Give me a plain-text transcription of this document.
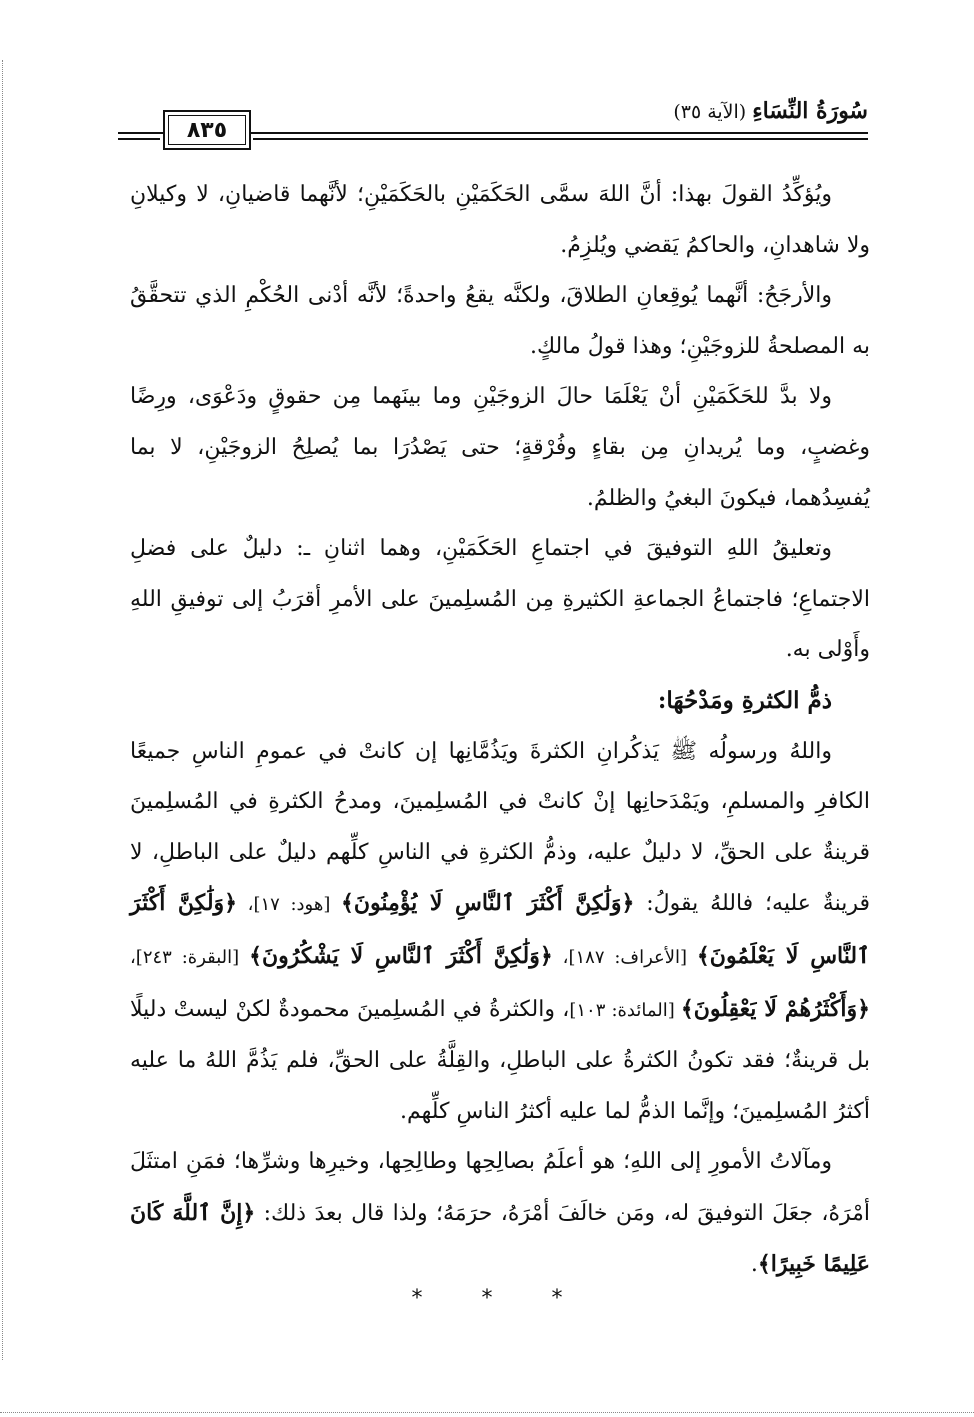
٨٣٥
سُورَةُ النِّسَاءِ (الآية ٣٥)

ويُؤكِّدُ القولَ بهذا: أنَّ اللهَ سمَّى الحَكَمَيْنِ بالحَكَمَيْنِ؛ لأنَّهما قاضيانِ، لا وكيلانِ ولا شاهدانِ، والحاكمُ يَقضي ويُلزِمُ.

والأرجَحُ: أنَّهما يُوقِعانِ الطلاقَ، ولكنَّه يقعُ واحدةً؛ لأنَّه أدْنى الحُكْمِ الذي تتحقَّقُ به المصلحةُ للزوجَيْنِ؛ وهذا قولُ مالكٍ.

ولا بدَّ للحَكَمَيْنِ أنْ يَعْلَمَا حالَ الزوجَيْنِ وما بينَهما مِن حقوقٍ ودَعْوَى، ورِضًا وغضبٍ، وما يُريدانِ مِن بقاءٍ وفُرْقةٍ؛ حتى يَصْدُرَا بما يُصلِحُ الزوجَيْنِ، لا بما يُفسِدُهما، فيكونَ البغيُ والظلمُ.

وتعليقُ اللهِ التوفيقَ في اجتماعِ الحَكَمَيْنِ، وهما اثنانِ ـ: دليلٌ على فضلِ الاجتماعِ؛ فاجتماعُ الجماعةِ الكثيرةِ مِن المُسلِمينَ على الأمرِ أقرَبُ إلى توفيقِ اللهِ وأَوْلى به.

ذمُّ الكثرةِ ومَدْحُهَا:

واللهُ ورسولُه ﷺ يَذكُرانِ الكثرةَ ويَذُمَّانِها إن كانتْ في عمومِ الناسِ جميعًا الكافرِ والمسلمِ، ويَمْدَحانِها إنْ كانتْ في المُسلِمينَ، ومدحُ الكثرةِ في المُسلِمينَ قرينةٌ على الحقِّ، لا دليلٌ عليه، وذمُّ الكثرةِ في الناسِ كلِّهم دليلٌ على الباطلِ، لا قرينةٌ عليه؛ فاللهُ يقولُ: ﴿وَلَٰكِنَّ أَكْثَرَ ٱلنَّاسِ لَا يُؤْمِنُونَ﴾ [هود: ١٧]، ﴿وَلَٰكِنَّ أَكْثَرَ ٱلنَّاسِ لَا يَعْلَمُونَ﴾ [الأعراف: ١٨٧]، ﴿وَلَٰكِنَّ أَكْثَرَ ٱلنَّاسِ لَا يَشْكُرُونَ﴾ [البقرة: ٢٤٣]، ﴿وَأَكْثَرُهُمْ لَا يَعْقِلُونَ﴾ [المائدة: ١٠٣]، والكثرةُ في المُسلِمينَ محمودةٌ لكنْ ليستْ دليلًا بل قرينةٌ؛ فقد تكونُ الكثرةُ على الباطلِ، والقِلَّةُ على الحقِّ، فلم يَذُمَّ اللهُ ما عليه أكثرُ المُسلِمينَ؛ وإنَّما الذمُّ لما عليه أكثرُ الناسِ كلِّهم.

ومآلاتُ الأمورِ إلى اللهِ؛ هو أعلَمُ بصالِحِها وطالِحِها، وخيرِها وشرِّها؛ فمَنِ امتثَلَ أمْرَهُ، جعَلَ التوفيقَ له، ومَن خالَفَ أمْرَهُ، حرَمَهُ؛ ولذا قال بعدَ ذلك: ﴿إِنَّ ٱللَّهَ كَانَ عَلِيمًا خَبِيرًا﴾.

* * *
